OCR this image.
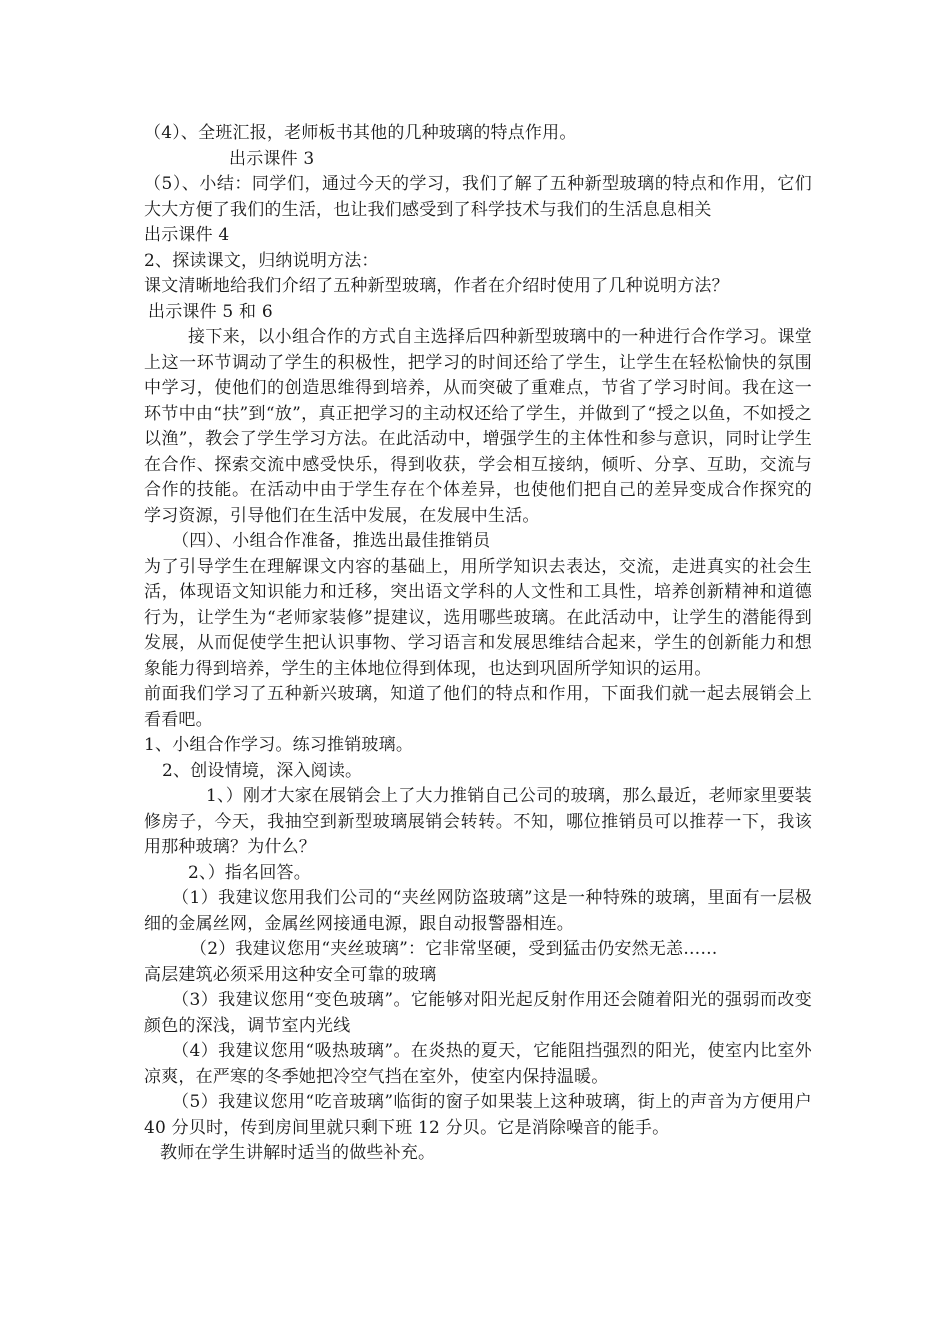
（4）、全班汇报，老师板书其他的几种玻璃的特点作用。

出示课件 3

（5）、小结：同学们，通过今天的学习，我们了解了五种新型玻璃的特点和作用，它们大大方便了我们的生活，也让我们感受到了科学技术与我们的生活息息相关

出示课件 4

2、探读课文，归纳说明方法：

课文清晰地给我们介绍了五种新型玻璃，作者在介绍时使用了几种说明方法？

出示课件 5 和 6

接下来，以小组合作的方式自主选择后四种新型玻璃中的一种进行合作学习。课堂上这一环节调动了学生的积极性，把学习的时间还给了学生，让学生在轻松愉快的氛围中学习，使他们的创造思维得到培养，从而突破了重难点，节省了学习时间。我在这一环节中由“扶”到“放”，真正把学习的主动权还给了学生，并做到了“授之以鱼，不如授之以渔”，教会了学生学习方法。在此活动中，增强学生的主体性和参与意识，同时让学生在合作、探索交流中感受快乐，得到收获，学会相互接纳，倾听、分享、互助，交流与合作的技能。在活动中由于学生存在个体差异，也使他们把自己的差异变成合作探究的学习资源，引导他们在生活中发展，在发展中生活。

（四）、小组合作准备，推选出最佳推销员

为了引导学生在理解课文内容的基础上，用所学知识去表达，交流，走进真实的社会生活，体现语文知识能力和迁移，突出语文学科的人文性和工具性，培养创新精神和道德行为，让学生为“老师家装修”提建议，选用哪些玻璃。在此活动中，让学生的潜能得到发展，从而促使学生把认识事物、学习语言和发展思维结合起来，学生的创新能力和想象能力得到培养，学生的主体地位得到体现，也达到巩固所学知识的运用。

前面我们学习了五种新兴玻璃，知道了他们的特点和作用，下面我们就一起去展销会上看看吧。

1、小组合作学习。练习推销玻璃。

2、创设情境，深入阅读。

1、）刚才大家在展销会上了大力推销自己公司的玻璃，那么最近，老师家里要装修房子，今天，我抽空到新型玻璃展销会转转。不知，哪位推销员可以推荐一下，我该用那种玻璃？为什么？

2、）指名回答。

（1）我建议您用我们公司的“夹丝网防盗玻璃”这是一种特殊的玻璃，里面有一层极细的金属丝网，金属丝网接通电源，跟自动报警器相连。

（2）我建议您用“夹丝玻璃”：它非常坚硬，受到猛击仍安然无恙……

高层建筑必须采用这种安全可靠的玻璃

（3）我建议您用“变色玻璃”。它能够对阳光起反射作用还会随着阳光的强弱而改变颜色的深浅，调节室内光线

（4）我建议您用“吸热玻璃”。在炎热的夏天，它能阻挡强烈的阳光，使室内比室外凉爽，在严寒的冬季她把冷空气挡在室外，使室内保持温暖。

（5）我建议您用“吃音玻璃”临街的窗子如果装上这种玻璃，街上的声音为方便用户 40 分贝时，传到房间里就只剩下班 12 分贝。它是消除噪音的能手。

教师在学生讲解时适当的做些补充。
